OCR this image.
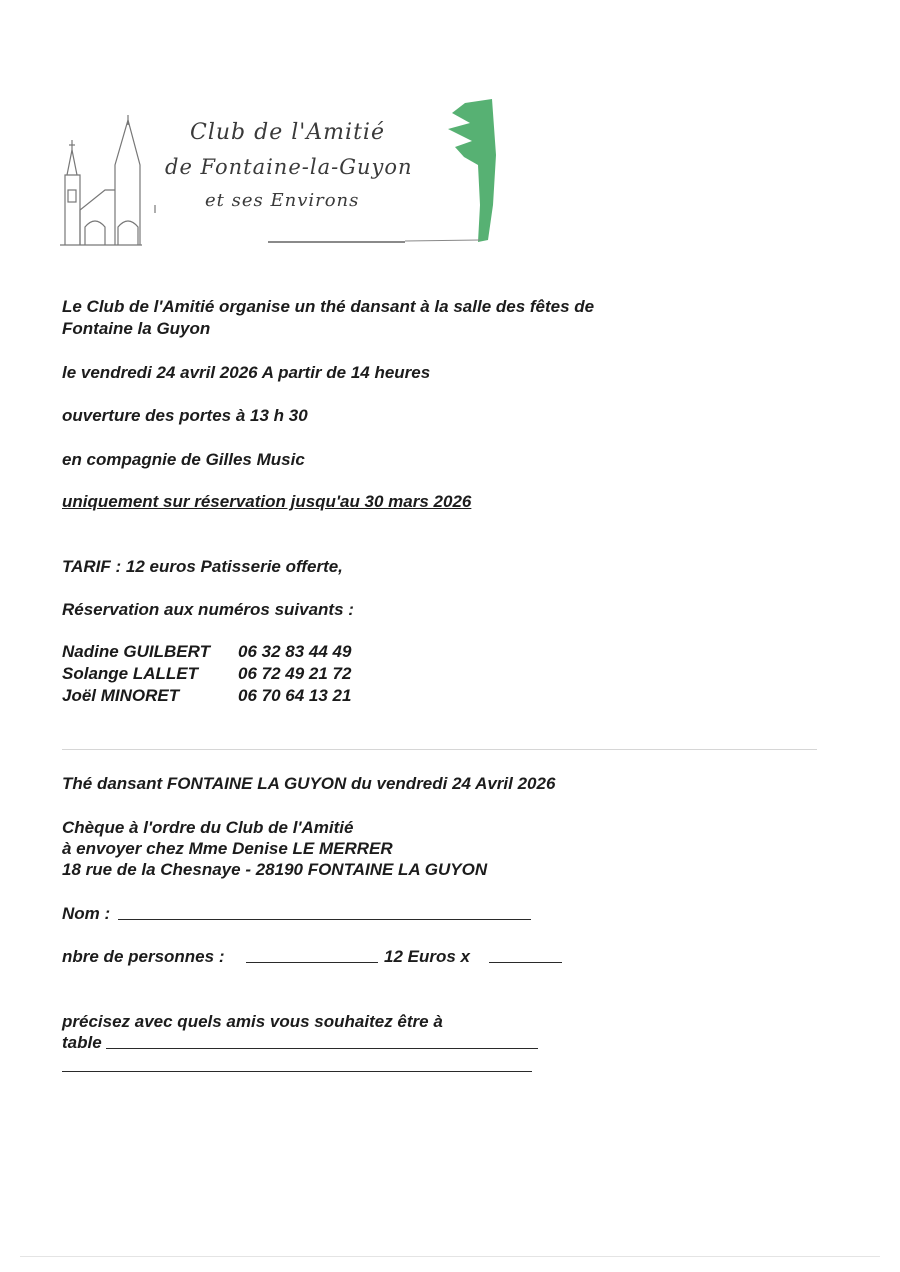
Club de l'Amitié
de Fontaine-la-Guyon
et ses Environs
Le Club de l'Amitié organise un thé dansant à la salle des fêtes de
Fontaine la Guyon
le vendredi 24 avril 2026 A partir de 14 heures
ouverture des portes à 13 h 30
en compagnie de Gilles Music
uniquement sur réservation jusqu'au 30 mars 2026
TARIF : 12 euros Patisserie offerte,
Réservation aux numéros suivants :
Nadine GUILBERT	06 32 83 44 49
Solange LALLET	06 72 49 21 72
Joël MINORET	06 70 64 13 21
Thé dansant FONTAINE LA GUYON du vendredi 24 Avril 2026
Chèque à l'ordre du Club de l'Amitié
à envoyer chez Mme Denise LE MERRER
18 rue de la Chesnaye - 28190 FONTAINE LA GUYON
Nom :
nbre de personnes :	12 Euros x
précisez avec quels amis vous souhaitez être à
table
